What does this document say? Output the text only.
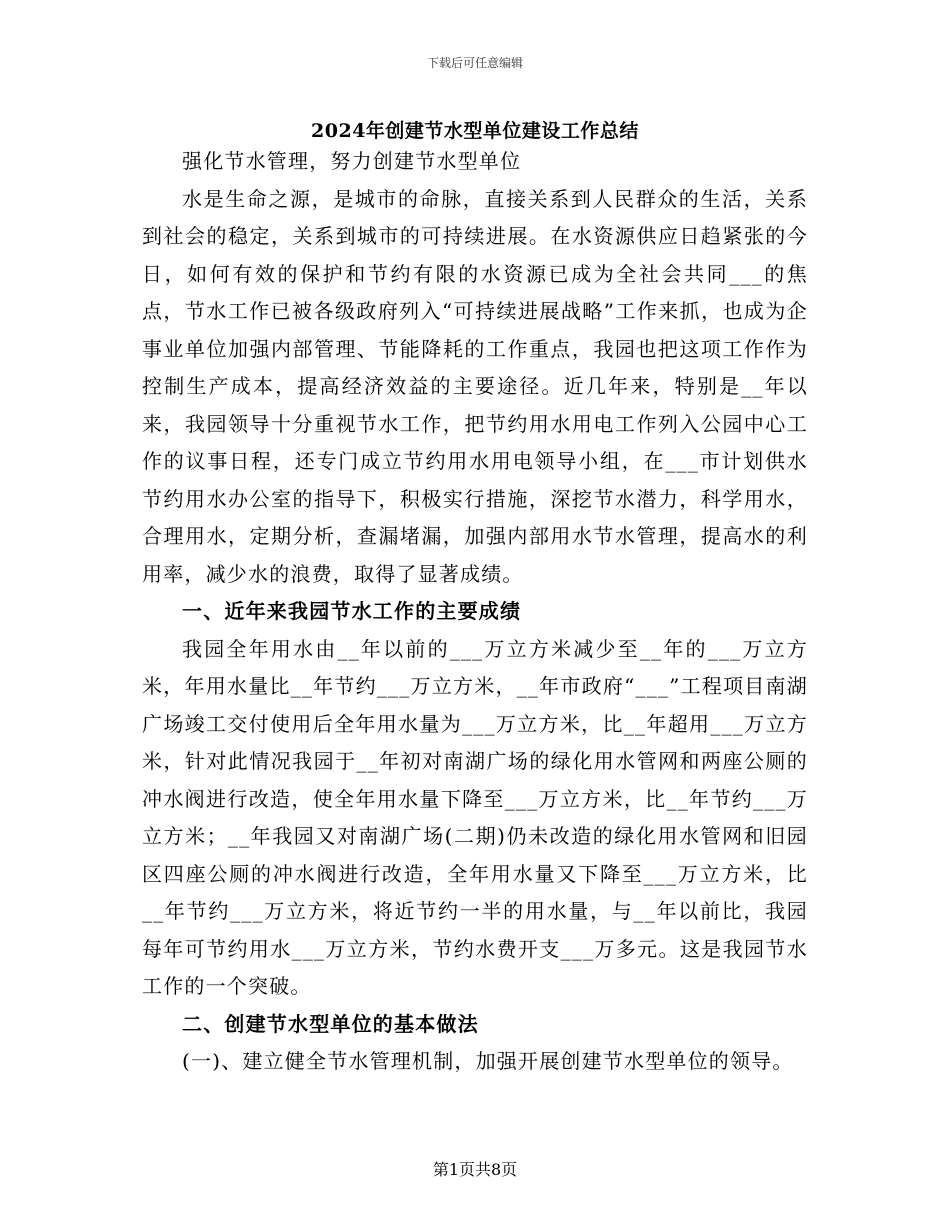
下载后可任意编辑
2024年创建节水型单位建设工作总结

强化节水管理，努力创建节水型单位

水是生命之源，是城市的命脉，直接关系到人民群众的生活，关系到社会的稳定，关系到城市的可持续进展。在水资源供应日趋紧张的今日，如何有效的保护和节约有限的水资源已成为全社会共同___的焦点，节水工作已被各级政府列入“可持续进展战略”工作来抓，也成为企事业单位加强内部管理、节能降耗的工作重点，我园也把这项工作作为控制生产成本，提高经济效益的主要途径。近几年来，特别是__年以来，我园领导十分重视节水工作，把节约用水用电工作列入公园中心工作的议事日程，还专门成立节约用水用电领导小组，在___市计划供水节约用水办公室的指导下，积极实行措施，深挖节水潜力，科学用水，合理用水，定期分析，查漏堵漏，加强内部用水节水管理，提高水的利用率，减少水的浪费，取得了显著成绩。

一、近年来我园节水工作的主要成绩

我园全年用水由__年以前的___万立方米减少至__年的___万立方米，年用水量比__年节约___万立方米，__年市政府“___”工程项目南湖广场竣工交付使用后全年用水量为___万立方米，比__年超用___万立方米，针对此情况我园于__年初对南湖广场的绿化用水管网和两座公厕的冲水阀进行改造，使全年用水量下降至___万立方米，比__年节约___万立方米；__年我园又对南湖广场(二期)仍未改造的绿化用水管网和旧园区四座公厕的冲水阀进行改造，全年用水量又下降至___万立方米，比__年节约___万立方米，将近节约一半的用水量，与__年以前比，我园每年可节约用水___万立方米，节约水费开支___万多元。这是我园节水工作的一个突破。

二、创建节水型单位的基本做法

(一)、建立健全节水管理机制，加强开展创建节水型单位的领导。

第1页共8页
